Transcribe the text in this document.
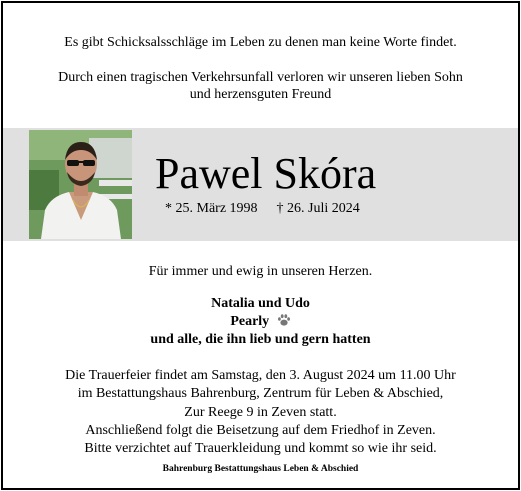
Es gibt Schicksalsschläge im Leben zu denen man keine Worte findet.
Durch einen tragischen Verkehrsunfall verloren wir unseren lieben Sohn
und herzensguten Freund
Pawel Skóra
* 25. März 1998 † 26. Juli 2024
Für immer und ewig in unseren Herzen.
Natalia und Udo
Pearly
und alle, die ihn lieb und gern hatten
Die Trauerfeier findet am Samstag, den 3. August 2024 um 11.00 Uhr
im Bestattungshaus Bahrenburg, Zentrum für Leben & Abschied,
Zur Reege 9 in Zeven statt.
Anschließend folgt die Beisetzung auf dem Friedhof in Zeven.
Bitte verzichtet auf Trauerkleidung und kommt so wie ihr seid.
Bahrenburg Bestattungshaus Leben & Abschied
